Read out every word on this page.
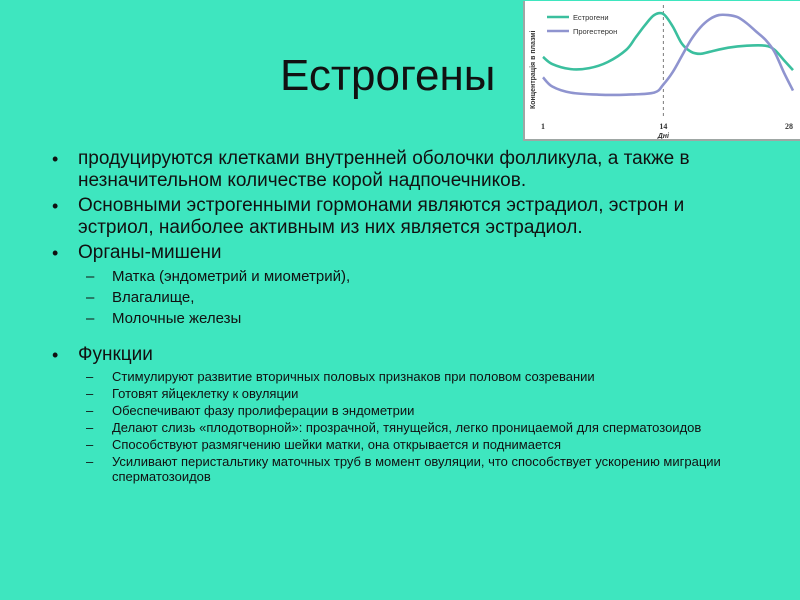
Естрогены
• продуцируются клетками внутренней оболочки фолликула, а также в незначительном количестве корой надпочечников.
• Основными эстрогенными гормонами являются эстрадиол, эстрон и эстриол, наиболее активным из них является эстрадиол.
• Органы-мишени
– Матка (эндометрий и миометрий),
– Влагалище,
– Молочные железы
• Функции
– Стимулируют развитие вторичных половых признаков при половом созревании
– Готовят яйцеклетку к овуляции
– Обеспечивают фазу пролиферации в эндометрии
– Делают слизь «плодотворной»: прозрачной, тянущейся, легко проницаемой для сперматозоидов
– Способствуют размягчению шейки матки, она открывается и поднимается
– Усиливают перистальтику маточных труб в момент овуляции, что способствует ускорению миграции сперматозоидов
Естрогени
Прогестерон
Концентрація в плазмі
1	14	28
Дні
